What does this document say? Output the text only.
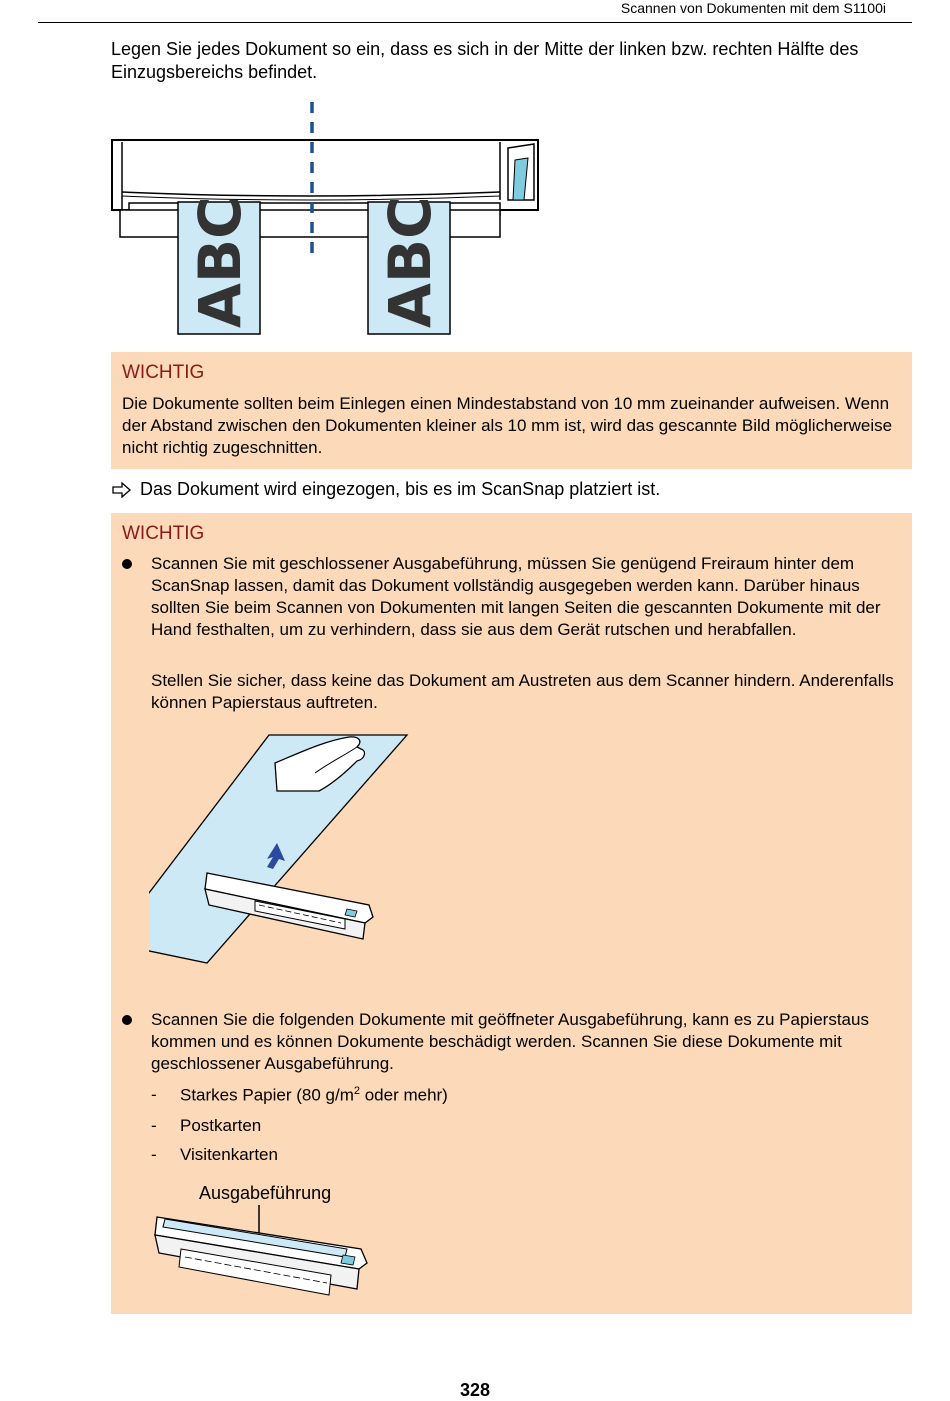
Scannen von Dokumenten mit dem S1100i
Legen Sie jedes Dokument so ein, dass es sich in der Mitte der linken bzw. rechten Hälfte des Einzugsbereichs befindet.
ABC ABC
WICHTIG
Die Dokumente sollten beim Einlegen einen Mindestabstand von 10 mm zueinander aufweisen. Wenn der Abstand zwischen den Dokumenten kleiner als 10 mm ist, wird das gescannte Bild möglicherweise nicht richtig zugeschnitten.
Das Dokument wird eingezogen, bis es im ScanSnap platziert ist.
WICHTIG
Scannen Sie mit geschlossener Ausgabeführung, müssen Sie genügend Freiraum hinter dem ScanSnap lassen, damit das Dokument vollständig ausgegeben werden kann. Darüber hinaus sollten Sie beim Scannen von Dokumenten mit langen Seiten die gescannten Dokumente mit der Hand festhalten, um zu verhindern, dass sie aus dem Gerät rutschen und herabfallen.
Stellen Sie sicher, dass keine das Dokument am Austreten aus dem Scanner hindern. Anderenfalls können Papierstaus auftreten.
Scannen Sie die folgenden Dokumente mit geöffneter Ausgabeführung, kann es zu Papierstaus kommen und es können Dokumente beschädigt werden. Scannen Sie diese Dokumente mit geschlossener Ausgabeführung.
- Starkes Papier (80 $g/m^2$ oder mehr)
- Postkarten
- Visitenkarten
Ausgabeführung
328
